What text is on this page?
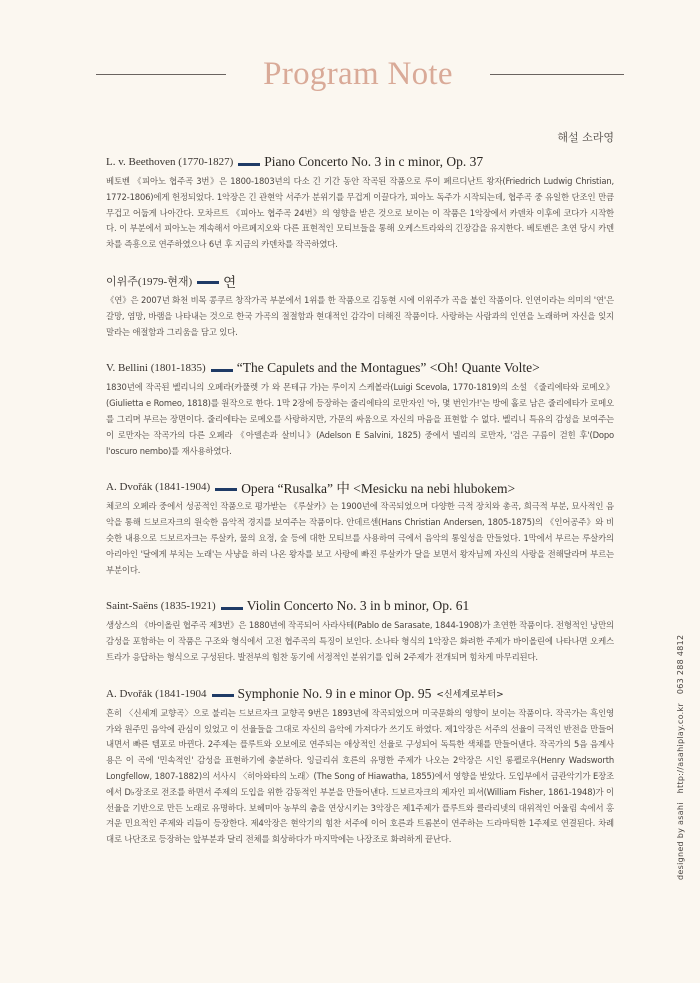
Program Note
해설 소라영
L. v. Beethoven (1770-1827) Piano Concerto No. 3 in c minor, Op. 37

베토벤 《피아노 협주곡 3번》은 1800-1803년의 다소 긴 기간 동안 작곡된 작품으로 루이 페르디난트 왕자(Friedrich Ludwig Christian, 1772-1806)에게 헌정되었다. 1악장은 긴 관현악 서주가 분위기를 무겁게 이끌다가, 피아노 독주가 시작되는데, 협주곡 중 유일한 단조인 만큼 무겁고 어둡게 나아간다. 모차르트 《피아노 협주곡 24번》의 영향을 받은 것으로 보이는 이 작품은 1악장에서 카덴차 이후에 코다가 시작한다. 이 부분에서 피아노는 계속해서 아르페지오와 다른 표현적인 모티브들을 통해 오케스트라와의 긴장감을 유지한다. 베토벤은 초연 당시 카덴차를 즉흥으로 연주하였으나 6년 후 지금의 카덴차를 작곡하였다.

이위주(1979-현재) 연

《연》은 2007년 화천 비목 콩쿠르 창작가곡 부분에서 1위를 한 작품으로 김동현 시에 이위주가 곡을 붙인 작품이다. 인연이라는 의미의 '연'은 갈망, 염망, 바램을 나타내는 것으로 한국 가곡의 절절함과 현대적인 감각이 더해진 작품이다. 사랑하는 사람과의 인연을 노래하며 자신을 잊지 말라는 애절함과 그리움을 담고 있다.

V. Bellini (1801-1835) “The Capulets and the Montagues” <Oh! Quante Volte>

1830년에 작곡된 벨리니의 오페라(카풀렛 가 와 몬테규 가)는 루이지 스케볼라(Luigi Scevola, 1770-1819)의 소설 《줄리에타와 로메오》(Giulietta e Romeo, 1818)를 원작으로 한다. 1막 2장에 등장하는 줄리에타의 로만자인 '아, 몇 번인가!'는 방에 홀로 남은 줄리에타가 로메오를 그리며 부르는 장면이다. 줄리에타는 로메오를 사랑하지만, 가문의 싸움으로 자신의 마음을 표현할 수 없다. 벨리니 특유의 감성을 보여주는 이 로만자는 작곡가의 다른 오페라 《아델손과 살비니》(Adelson E Salvini, 1825) 중에서 넬리의 로만자, '검은 구름이 걷힌 후'(Dopo l'oscuro nembo)를 재사용하였다.

A. Dvořák (1841-1904) Opera “Rusalka” 中 <Mesicku na nebi hlubokem>

체코의 오페라 중에서 성공적인 작품으로 평가받는 《루살카》는 1900년에 작곡되었으며 다양한 극적 장치와 총곡, 희극적 부분, 묘사적인 음악을 통해 드보르자크의 원숙한 음악적 경지를 보여주는 작품이다. 안데르센(Hans Christian Andersen, 1805-1875)의 《인어공주》와 비슷한 내용으로 드보르자크는 루살카, 물의 요정, 숲 등에 대한 모티브를 사용하여 극에서 음악의 통일성을 만들었다. 1막에서 부르는 루살카의 아리아인 '달에게 부치는 노래'는 사냥을 하러 나온 왕자를 보고 사랑에 빠진 루살카가 달을 보면서 왕자님께 자신의 사랑을 전해달라며 부르는 부분이다.

Saint-Saëns (1835-1921) Violin Concerto No. 3 in b minor, Op. 61

생상스의 《바이올린 협주곡 제3번》은 1880년에 작곡되어 사라사테(Pablo de Sarasate, 1844-1908)가 초연한 작품이다. 전형적인 낭만의 감성을 포함하는 이 작품은 구조와 형식에서 고전 협주곡의 특징이 보인다. 소나타 형식의 1악장은 화려한 주제가 바이올린에 나타나면 오케스트라가 응답하는 형식으로 구성된다. 발전부의 힘찬 동기에 서정적인 분위기를 입혀 2주제가 전개되며 힘차게 마무리된다.

A. Dvořák (1841-1904 Symphonie No. 9 in e minor Op. 95 <신세계로부터>

흔히 〈신세계 교향곡〉으로 불리는 드보르자크 교향곡 9번은 1893년에 작곡되었으며 미국문화의 영향이 보이는 작품이다. 작곡가는 흑인영가와 원주민 음악에 관심이 있었고 이 선율들을 그대로 자신의 음악에 가져다가 쓰기도 하였다. 제1악장은 서주의 선율이 극적인 반전을 만들어내면서 빠른 템포로 바뀐다. 2주제는 플루트와 오보에로 연주되는 애상적인 선율로 구성되어 독특한 색채를 만들어낸다. 작곡가의 5음 음계사용은 이 곡에 '민속적인' 감성을 표현하기에 충분하다. 잉글리쉬 호른의 유명한 주제가 나오는 2악장은 시인 롱펠로우(Henry Wadsworth Longfellow, 1807-1882)의 서사시 〈히아와타의 노래〉(The Song of Hiawatha, 1855)에서 영향을 받았다. 도입부에서 금관악기가 E장조에서 D♭장조로 전조를 하면서 주제의 도입을 위한 감동적인 부분을 만들어낸다. 드보르자크의 제자인 피셔(William Fisher, 1861-1948)가 이 선율을 기반으로 만든 노래로 유명하다. 보헤미아 농부의 춤을 연상시키는 3악장은 제1주제가 플루트와 클라리넷의 대위적인 어울림 속에서 홍겨운 민요적인 주제와 리듬이 등장한다. 제4악장은 현악기의 힘찬 서주에 이어 호른과 트롬본이 연주하는 드라마틱한 1주제로 연결된다. 차례대로 나단조로 등장하는 앞부분과 달리 전체를 회상하다가 마지막에는 나장조로 화려하게 끝난다.	designed by asahi http://asahiplay.co.kr 063 288 4812
